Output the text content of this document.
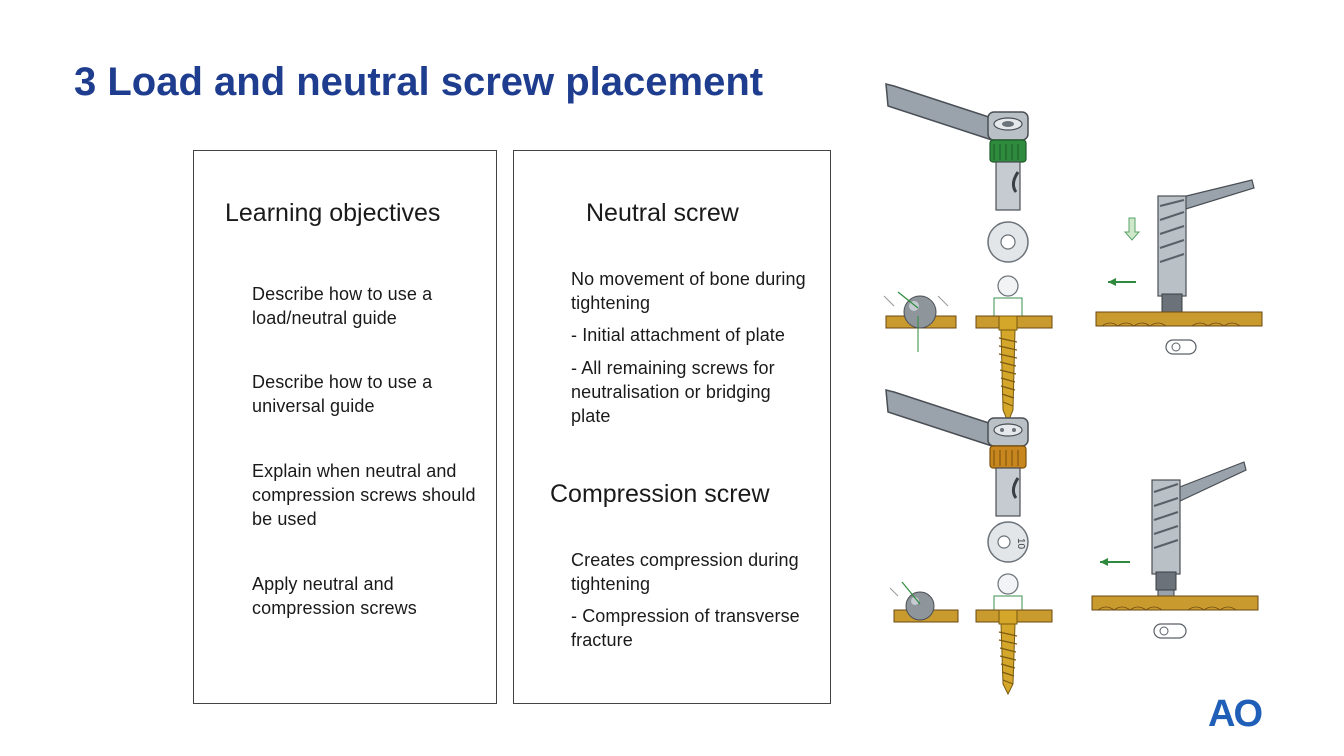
3 Load and neutral screw placement
Learning objectives
Describe how to use a load/neutral guide
Describe how to use a universal guide
Explain when neutral and compression screws should be used
Apply neutral and compression screws
Neutral screw
No movement of bone during tightening
- Initial attachment of plate
- All remaining screws for neutralisation or bridging plate
Compression screw
Creates compression during tightening
- Compression of transverse fracture
10
AO
